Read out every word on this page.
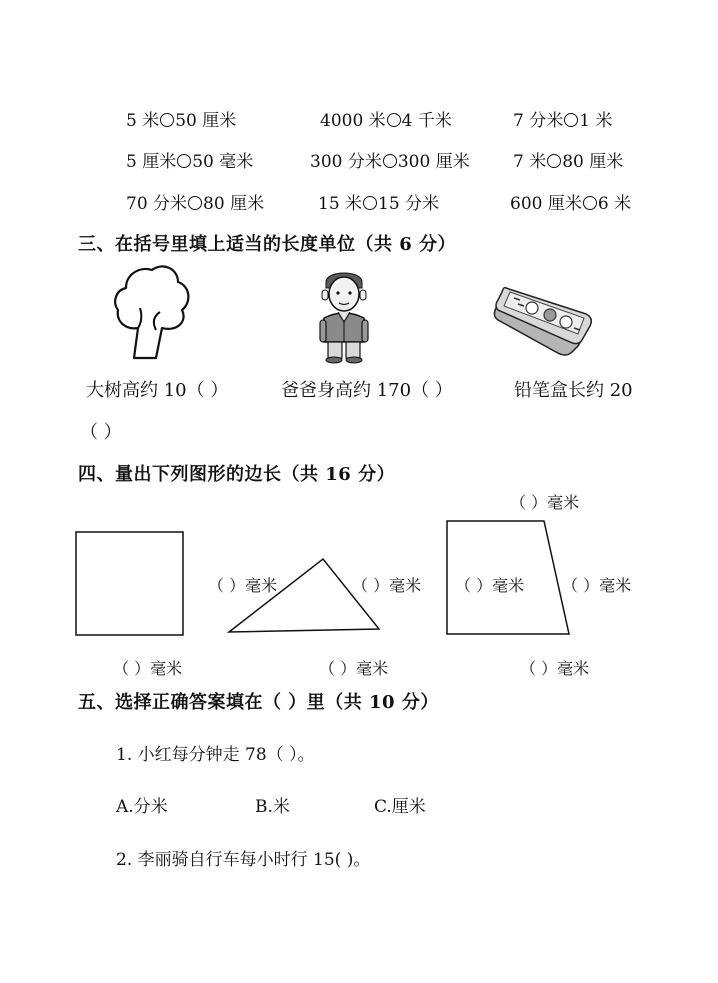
5 米 50 厘米	4000 米 4 千米	7 分米 1 米
5 厘米 50 毫米	300 分米 300 厘米	7 米 80 厘米
70 分米 80 厘米	15 米 15 分米	600 厘米 6 米
三、在括号里填上适当的长度单位（共 6 分）
大树高约 10（ ）	爸爸身高约 170（ ）	铅笔盒长约 20
（ ）
四、量出下列图形的边长（共 16 分）
（ ）毫米
（ ）毫米	（ ）毫米 （ ）毫米 （ ）毫米
（ ）毫米	（ ）毫米	（ ）毫米
五、选择正确答案填在（ ）里（共 10 分）
1. 小红每分钟走 78（ ）。
A.分米	B.米	C.厘米
2. 李丽骑自行车每小时行 15( )。
